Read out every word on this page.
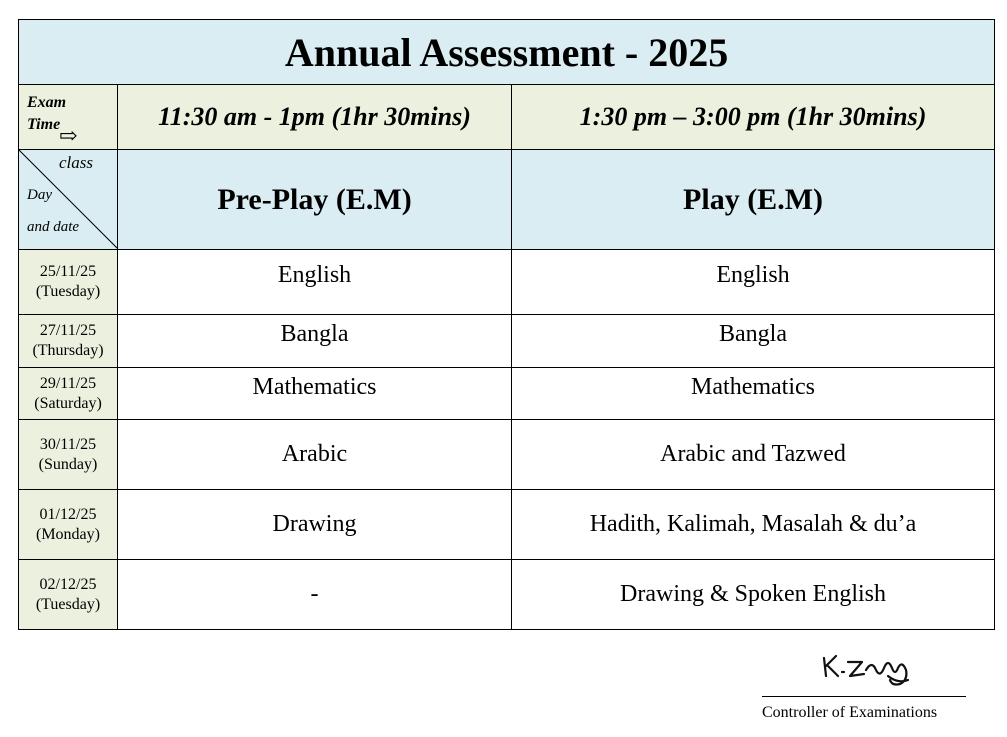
Annual Assessment - 2025		

Exam
Time
⇨	11:30 am - 1pm (1hr 30mins)	1:30 pm – 3:00 pm (1hr 30mins)

class
Day
and date	Pre-Play (E.M)	Play (E.M)

25/11/25
(Tuesday)	English	English

27/11/25
(Thursday)	Bangla	Bangla

29/11/25
(Saturday)	Mathematics	Mathematics

30/11/25
(Sunday)	Arabic	Arabic and Tazwed

01/12/25
(Monday)	Drawing	Hadith, Kalimah, Masalah & du’a

02/12/25
(Tuesday)	-	Drawing & Spoken English
Controller of Examinations
